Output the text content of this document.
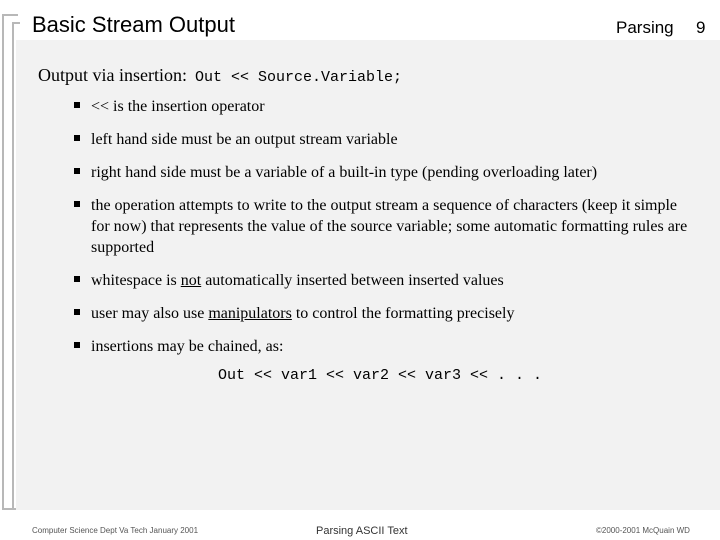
Basic Stream Output	Parsing 9
Output via insertion: Out << Source.Variable;
<< is the insertion operator
left hand side must be an output stream variable
right hand side must be a variable of a built-in type (pending overloading later)
the operation attempts to write to the output stream a sequence of characters (keep it simple for now) that represents the value of the source variable; some automatic formatting rules are supported
whitespace is not automatically inserted between inserted values
user may also use manipulators to control the formatting precisely
insertions may be chained, as:
Out << var1 << var2 << var3 << . . .
Computer Science Dept Va Tech January 2001	Parsing ASCII Text	©2000-2001 McQuain WD
